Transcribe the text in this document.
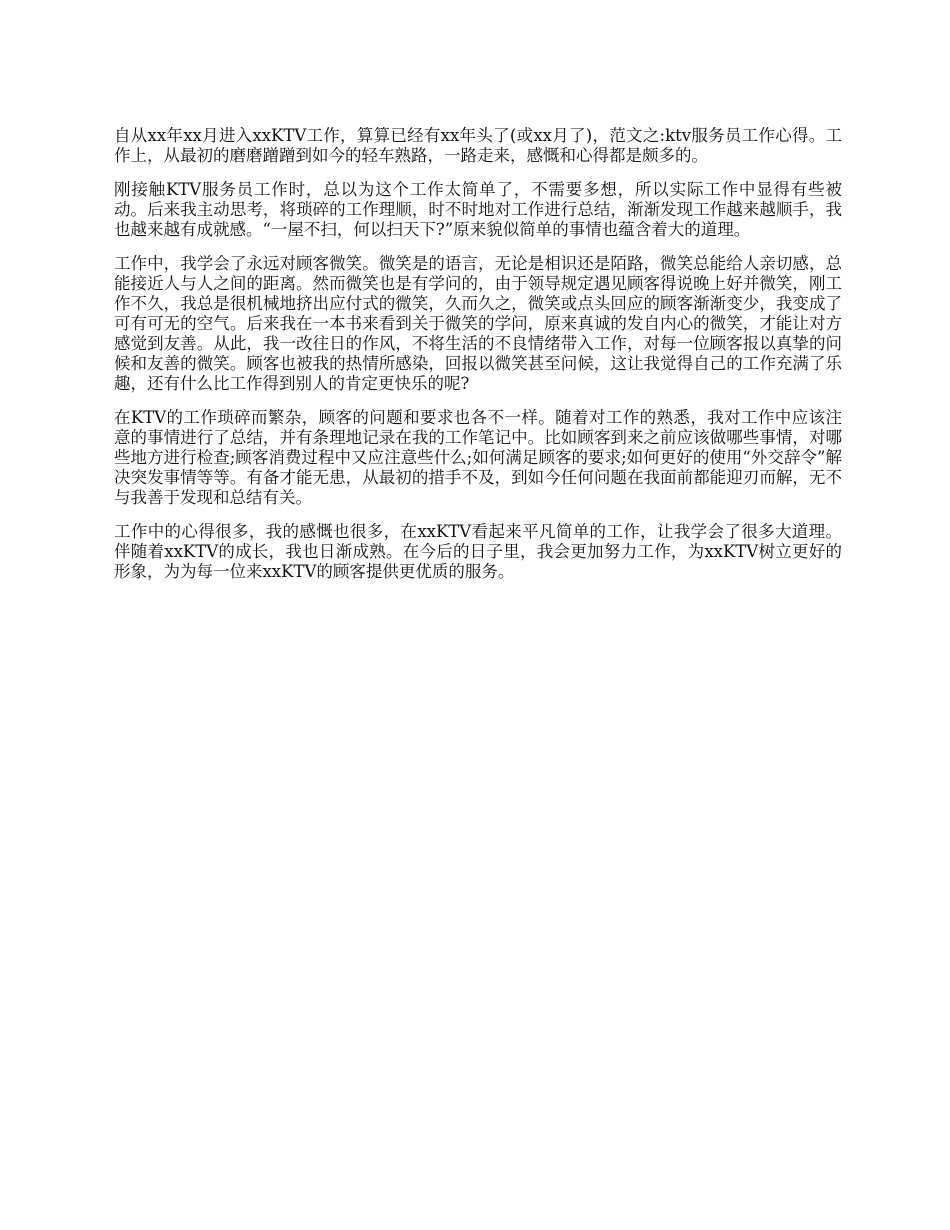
自从xx年xx月进入xxKTV工作，算算已经有xx年头了(或xx月了)，范文之:ktv服务员工作心得。工作上，从最初的磨磨蹭蹭到如今的轻车熟路，一路走来，感慨和心得都是颇多的。

刚接触KTV服务员工作时，总以为这个工作太简单了，不需要多想，所以实际工作中显得有些被动。后来我主动思考，将琐碎的工作理顺，时不时地对工作进行总结，渐渐发现工作越来越顺手，我也越来越有成就感。“一屋不扫，何以扫天下?”原来貌似简单的事情也蕴含着大的道理。

工作中，我学会了永远对顾客微笑。微笑是的语言，无论是相识还是陌路，微笑总能给人亲切感，总能接近人与人之间的距离。然而微笑也是有学问的，由于领导规定遇见顾客得说晚上好并微笑，刚工作不久，我总是很机械地挤出应付式的微笑，久而久之，微笑或点头回应的顾客渐渐变少，我变成了可有可无的空气。后来我在一本书来看到关于微笑的学问，原来真诚的发自内心的微笑，才能让对方感觉到友善。从此，我一改往日的作风，不将生活的不良情绪带入工作，对每一位顾客报以真挚的问候和友善的微笑。顾客也被我的热情所感染，回报以微笑甚至问候，这让我觉得自己的工作充满了乐趣，还有什么比工作得到别人的肯定更快乐的呢?

在KTV的工作琐碎而繁杂，顾客的问题和要求也各不一样。随着对工作的熟悉，我对工作中应该注意的事情进行了总结，并有条理地记录在我的工作笔记中。比如顾客到来之前应该做哪些事情，对哪些地方进行检查;顾客消费过程中又应注意些什么;如何满足顾客的要求;如何更好的使用“外交辞令”解决突发事情等等。有备才能无患，从最初的措手不及，到如今任何问题在我面前都能迎刃而解，无不与我善于发现和总结有关。

工作中的心得很多，我的感慨也很多，在xxKTV看起来平凡简单的工作，让我学会了很多大道理。伴随着xxKTV的成长，我也日渐成熟。在今后的日子里，我会更加努力工作，为xxKTV树立更好的形象，为为每一位来xxKTV的顾客提供更优质的服务。
